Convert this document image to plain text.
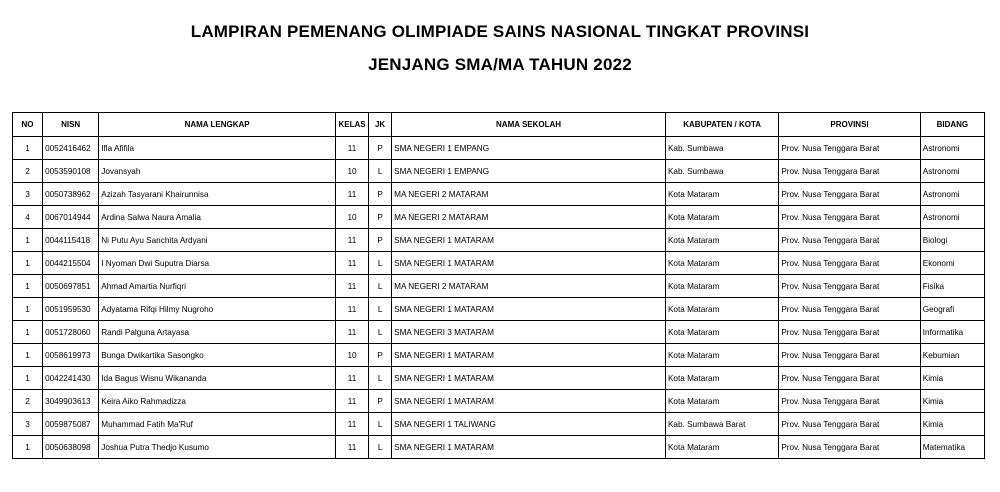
LAMPIRAN PEMENANG OLIMPIADE SAINS NASIONAL TINGKAT PROVINSI
JENJANG SMA/MA TAHUN 2022
NO	NISN	NAMA LENGKAP	KELAS	JK	NAMA SEKOLAH	KABUPATEN / KOTA	PROVINSI	BIDANG
1	0052416462	Ifla Afifila	11	P	SMA NEGERI 1 EMPANG	Kab. Sumbawa	Prov. Nusa Tenggara Barat	Astronomi
2	0053590108	Jovansyah	10	L	SMA NEGERI 1 EMPANG	Kab. Sumbawa	Prov. Nusa Tenggara Barat	Astronomi
3	0050738962	Azizah Tasyarani Khairunnisa	11	P	MA NEGERI 2 MATARAM	Kota Mataram	Prov. Nusa Tenggara Barat	Astronomi
4	0067014944	Ardina Salwa Naura Amalia	10	P	MA NEGERI 2 MATARAM	Kota Mataram	Prov. Nusa Tenggara Barat	Astronomi
1	0044115418	Ni Putu Ayu Sanchita Ardyani	11	P	SMA NEGERI 1 MATARAM	Kota Mataram	Prov. Nusa Tenggara Barat	Biologi
1	0044215504	I Nyoman Dwi Suputra Diarsa	11	L	SMA NEGERI 1 MATARAM	Kota Mataram	Prov. Nusa Tenggara Barat	Ekonomi
1	0050697851	Ahmad Amartia Nurfiqri	11	L	MA NEGERI 2 MATARAM	Kota Mataram	Prov. Nusa Tenggara Barat	Fisika
1	0051959530	Adyatama Rifqi Hilmy Nugroho	11	L	SMA NEGERI 1 MATARAM	Kota Mataram	Prov. Nusa Tenggara Barat	Geografi
1	0051728060	Randi Palguna Artayasa	11	L	SMA NEGERI 3 MATARAM	Kota Mataram	Prov. Nusa Tenggara Barat	Informatika
1	0058619973	Bunga Dwikartika Sasongko	10	P	SMA NEGERI 1 MATARAM	Kota Mataram	Prov. Nusa Tenggara Barat	Kebumian
1	0042241430	Ida Bagus Wisnu Wikananda	11	L	SMA NEGERI 1 MATARAM	Kota Mataram	Prov. Nusa Tenggara Barat	Kimia
2	3049903613	Keira Aiko Rahmadizza	11	P	SMA NEGERI 1 MATARAM	Kota Mataram	Prov. Nusa Tenggara Barat	Kimia
3	0059875087	Muhammad Fatih Ma'Ruf	11	L	SMA NEGERI 1 TALIWANG	Kab. Sumbawa Barat	Prov. Nusa Tenggara Barat	Kimia
1	0050638098	Joshua Putra Thedjo Kusumo	11	L	SMA NEGERI 1 MATARAM	Kota Mataram	Prov. Nusa Tenggara Barat	Matematika
